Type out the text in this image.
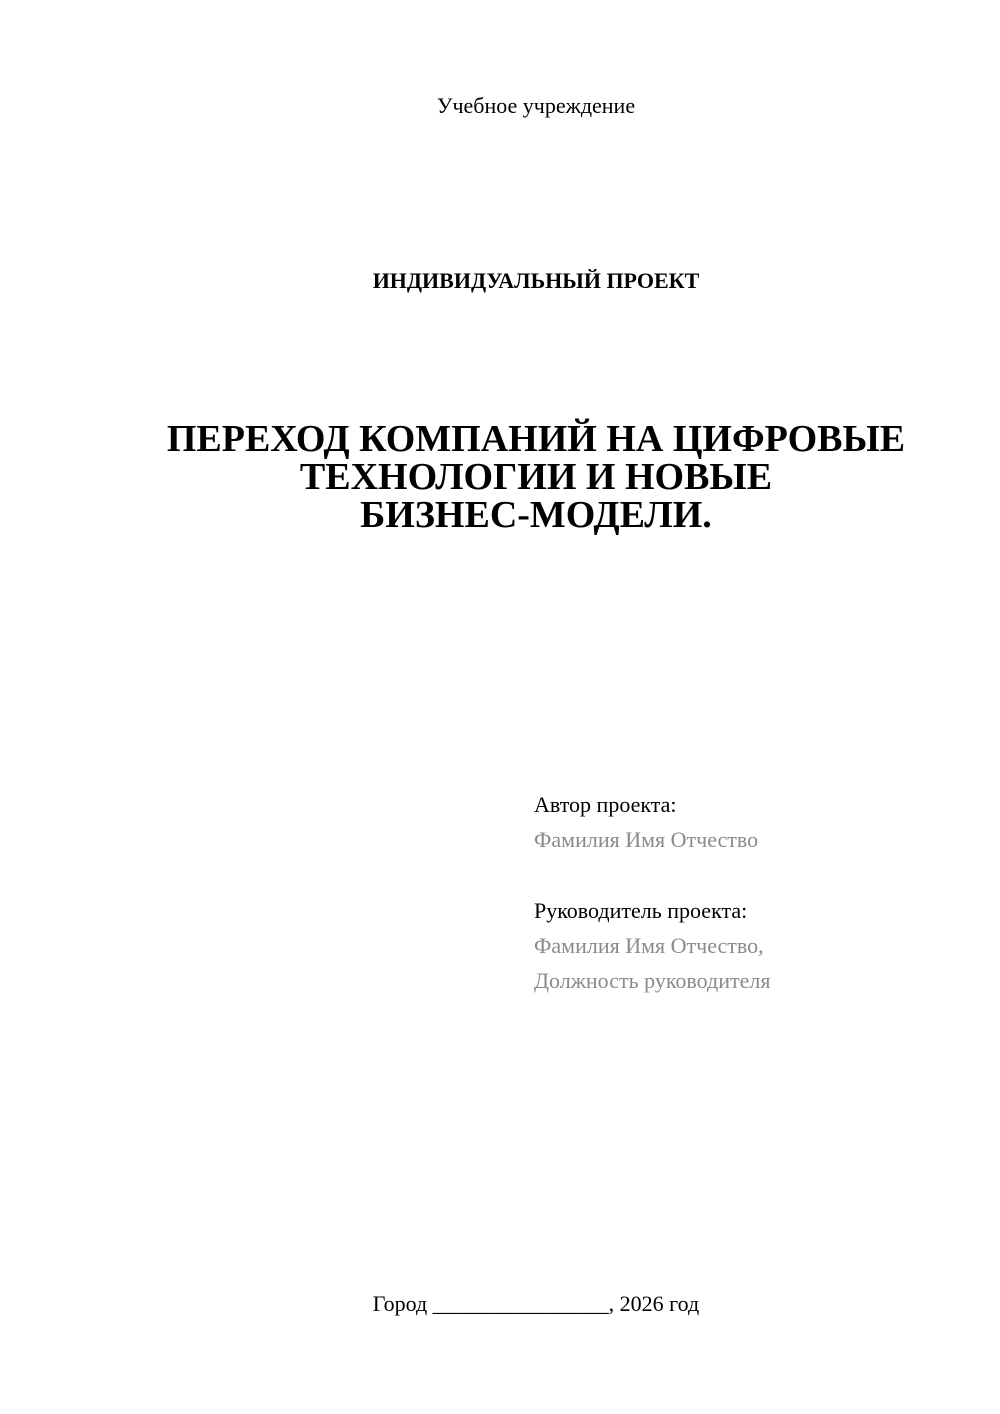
Учебное учреждение
ИНДИВИДУАЛЬНЫЙ ПРОЕКТ
ПЕРЕХОД КОМПАНИЙ НА ЦИФРОВЫЕ
ТЕХНОЛОГИИ И НОВЫЕ
БИЗНЕС-МОДЕЛИ.
Автор проекта:
Фамилия Имя Отчество
Руководитель проекта:
Фамилия Имя Отчество,
Должность руководителя
Город ________________, 2026 год
